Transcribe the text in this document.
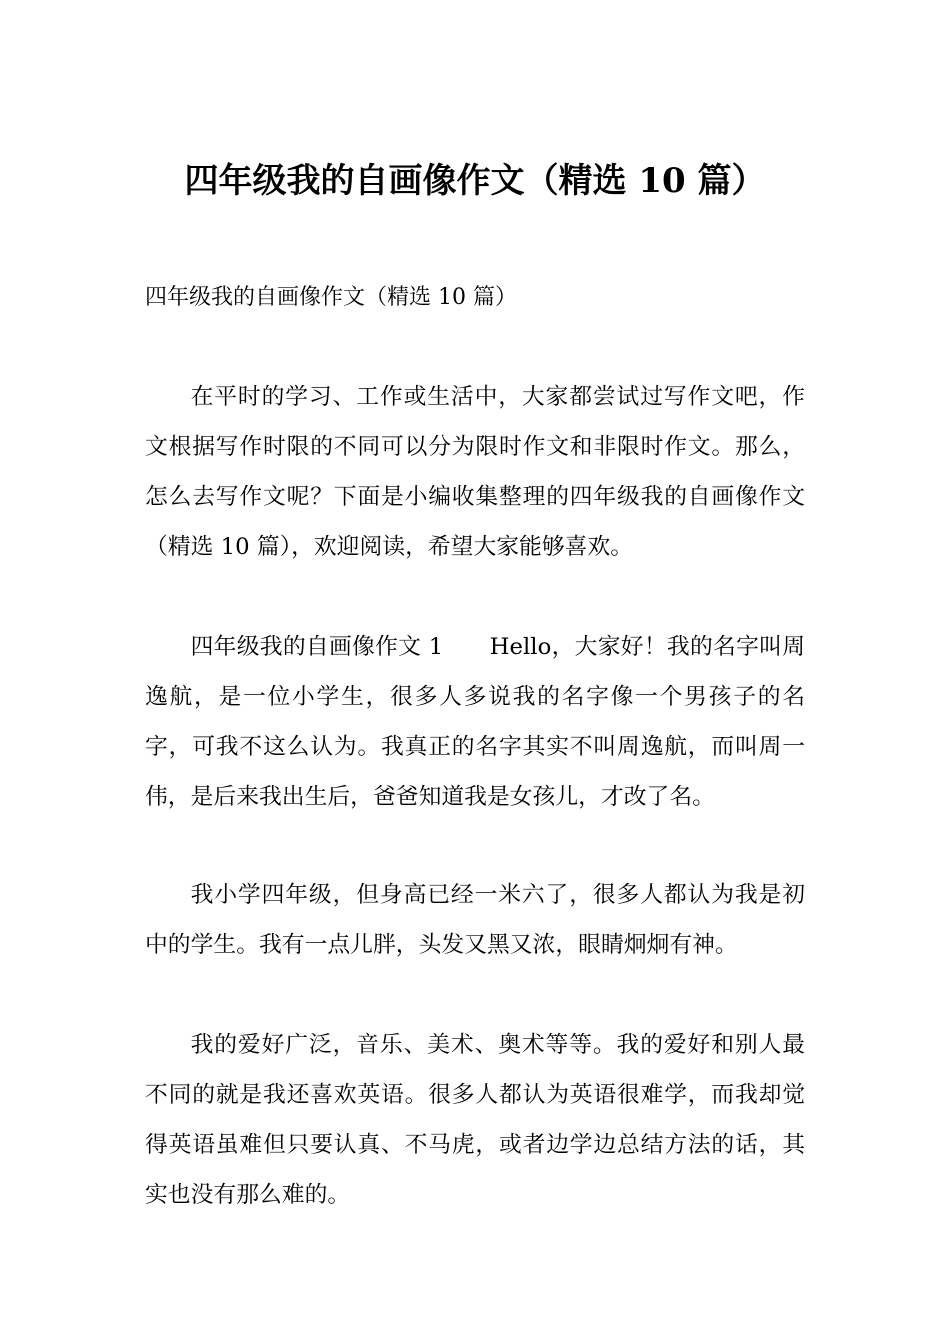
四年级我的自画像作文（精选 10 篇）
四年级我的自画像作文（精选 10 篇）

在平时的学习、工作或生活中，大家都尝试过写作文吧，作文根据写作时限的不同可以分为限时作文和非限时作文。那么，怎么去写作文呢？下面是小编收集整理的四年级我的自画像作文（精选 10 篇），欢迎阅读，希望大家能够喜欢。

四年级我的自画像作文 1　　Hello，大家好！我的名字叫周逸航，是一位小学生，很多人多说我的名字像一个男孩子的名字，可我不这么认为。我真正的名字其实不叫周逸航，而叫周一伟，是后来我出生后，爸爸知道我是女孩儿，才改了名。

我小学四年级，但身高已经一米六了，很多人都认为我是初中的学生。我有一点儿胖，头发又黑又浓，眼睛炯炯有神。

我的爱好广泛，音乐、美术、奥术等等。我的爱好和别人最不同的就是我还喜欢英语。很多人都认为英语很难学，而我却觉得英语虽难但只要认真、不马虎，或者边学边总结方法的话，其实也没有那么难的。
